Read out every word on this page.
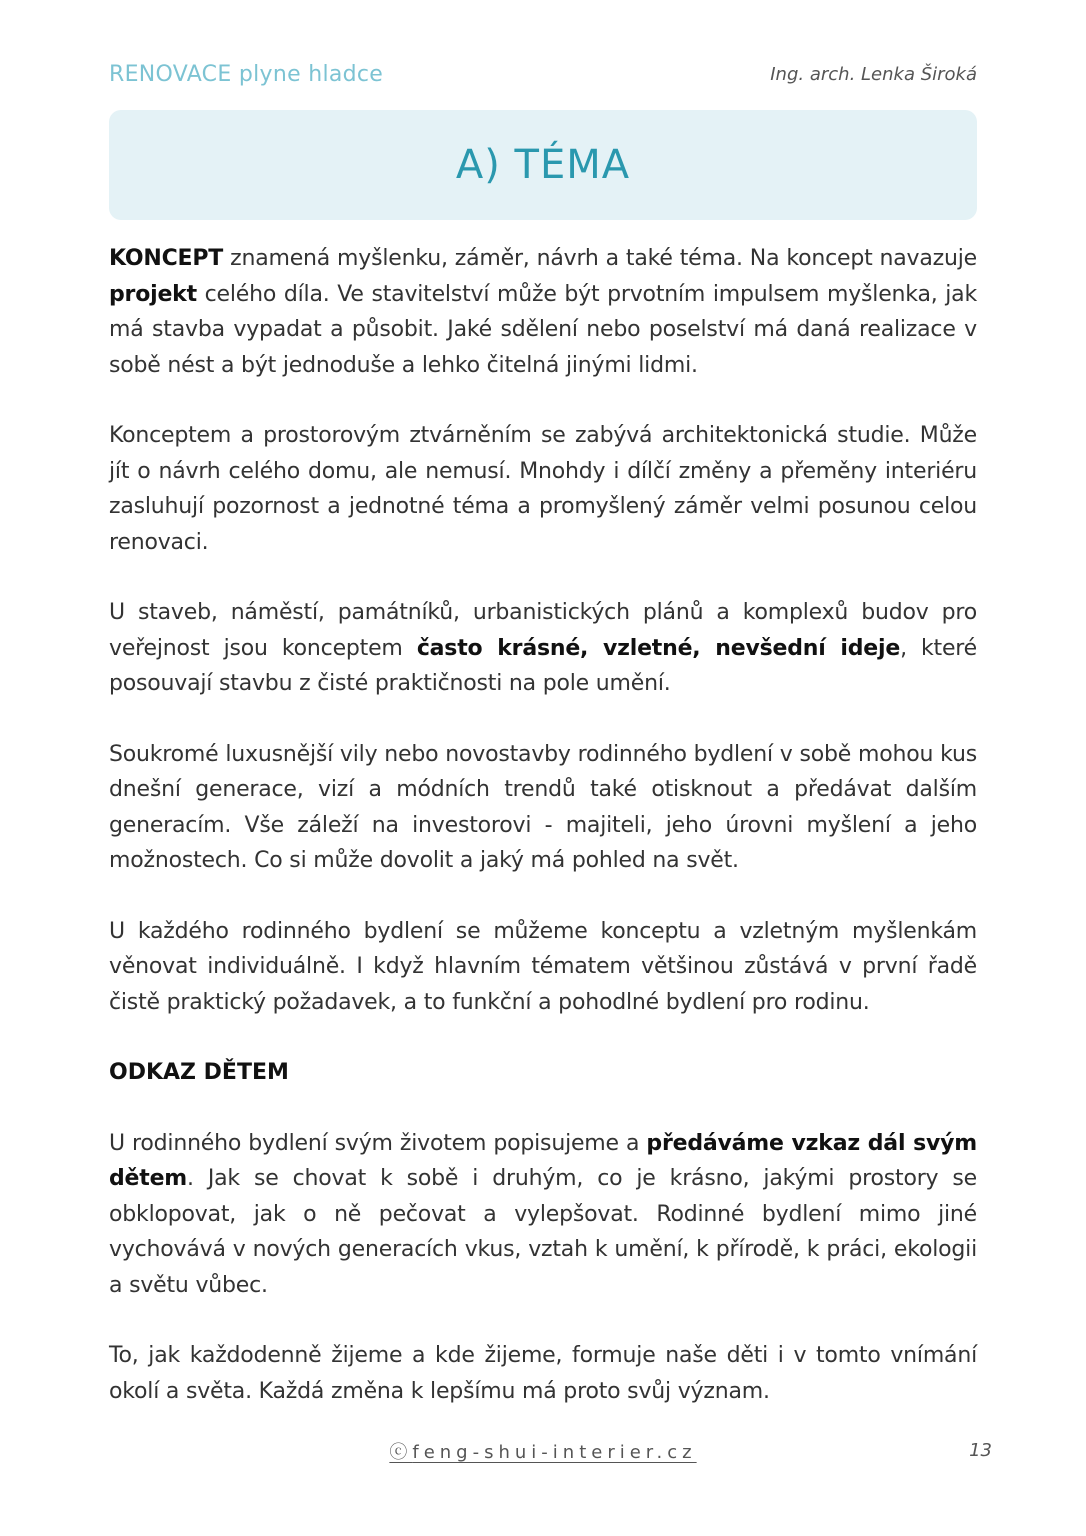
RENOVACE plyne hladce	Ing. arch. Lenka Široká
A) TÉMA

KONCEPT znamená myšlenku, záměr, návrh a také téma. Na koncept navazuje projekt celého díla. Ve stavitelství může být prvotním impulsem myšlenka, jak má stavba vypadat a působit. Jaké sdělení nebo poselství má daná realizace v sobě nést a být jednoduše a lehko čitelná jinými lidmi.

Konceptem a prostorovým ztvárněním se zabývá architektonická studie. Může jít o návrh celého domu, ale nemusí. Mnohdy i dílčí změny a přeměny interiéru zasluhují pozornost a jednotné téma a promyšlený záměr velmi posunou celou renovaci.

U staveb, náměstí, památníků, urbanistických plánů a komplexů budov pro veřejnost jsou konceptem často krásné, vzletné, nevšední ideje, které posouvají stavbu z čisté praktičnosti na pole umění.

Soukromé luxusnější vily nebo novostavby rodinného bydlení v sobě mohou kus dnešní generace, vizí a módních trendů také otisknout a předávat dalším generacím. Vše záleží na investorovi - majiteli, jeho úrovni myšlení a jeho možnostech. Co si může dovolit a jaký má pohled na svět.

U každého rodinného bydlení se můžeme konceptu a vzletným myšlenkám věnovat individuálně. I když hlavním tématem většinou zůstává v první řadě čistě praktický požadavek, a to funkční a pohodlné bydlení pro rodinu.

ODKAZ DĚTEM

U rodinného bydlení svým životem popisujeme a předáváme vzkaz dál svým dětem. Jak se chovat k sobě i druhým, co je krásno, jakými prostory se obklopovat, jak o ně pečovat a vylepšovat. Rodinné bydlení mimo jiné vychovává v nových generacích vkus, vztah k umění, k přírodě, k práci, ekologii a světu vůbec.

To, jak každodenně žijeme a kde žijeme, formuje naše děti i v tomto vnímání okolí a světa. Každá změna k lepšímu má proto svůj význam.

ⓒfeng-shui-interier.cz	13
